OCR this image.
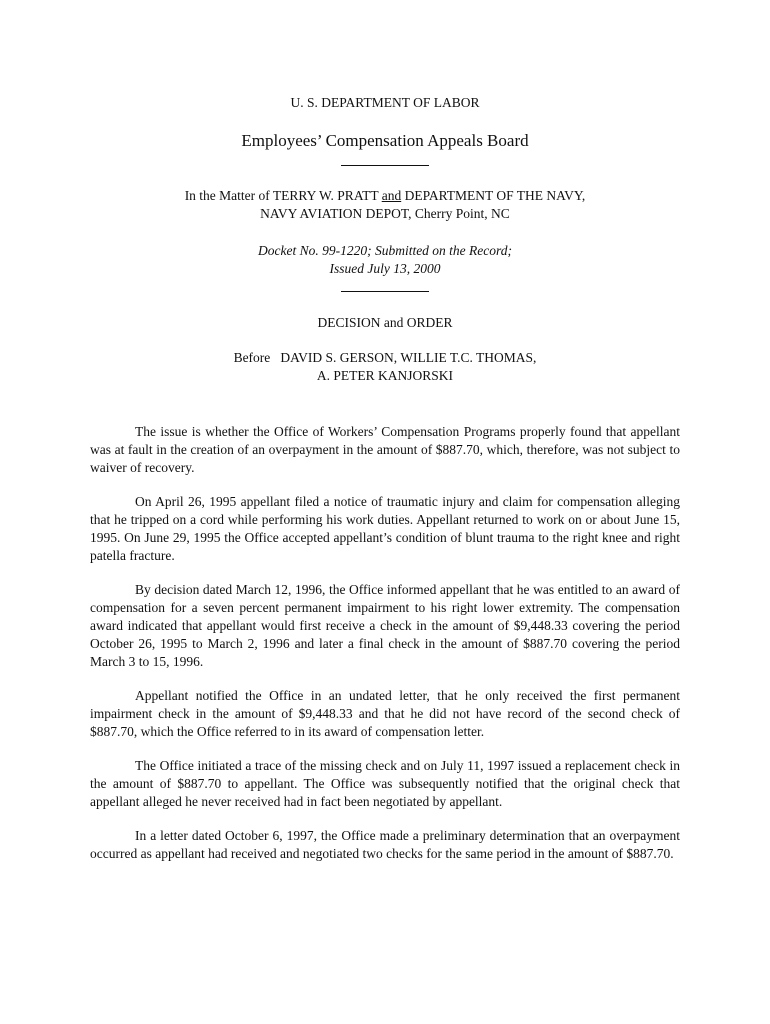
U. S. DEPARTMENT OF LABOR
Employees’ Compensation Appeals Board
In the Matter of TERRY W. PRATT and DEPARTMENT OF THE NAVY,
NAVY AVIATION DEPOT, Cherry Point, NC
Docket No. 99-1220; Submitted on the Record;
Issued July 13, 2000
DECISION and ORDER
Before   DAVID S. GERSON, WILLIE T.C. THOMAS,
A. PETER KANJORSKI

The issue is whether the Office of Workers’ Compensation Programs properly found that appellant was at fault in the creation of an overpayment in the amount of $887.70, which, therefore, was not subject to waiver of recovery.

On April 26, 1995 appellant filed a notice of traumatic injury and claim for compensation alleging that he tripped on a cord while performing his work duties. Appellant returned to work on or about June 15, 1995. On June 29, 1995 the Office accepted appellant’s condition of blunt trauma to the right knee and right patella fracture.

By decision dated March 12, 1996, the Office informed appellant that he was entitled to an award of compensation for a seven percent permanent impairment to his right lower extremity. The compensation award indicated that appellant would first receive a check in the amount of $9,448.33 covering the period October 26, 1995 to March 2, 1996 and later a final check in the amount of $887.70 covering the period March 3 to 15, 1996.

Appellant notified the Office in an undated letter, that he only received the first permanent impairment check in the amount of $9,448.33 and that he did not have record of the second check of $887.70, which the Office referred to in its award of compensation letter.

The Office initiated a trace of the missing check and on July 11, 1997 issued a replacement check in the amount of $887.70 to appellant. The Office was subsequently notified that the original check that appellant alleged he never received had in fact been negotiated by appellant.

In a letter dated October 6, 1997, the Office made a preliminary determination that an overpayment occurred as appellant had received and negotiated two checks for the same period in the amount of $887.70.
